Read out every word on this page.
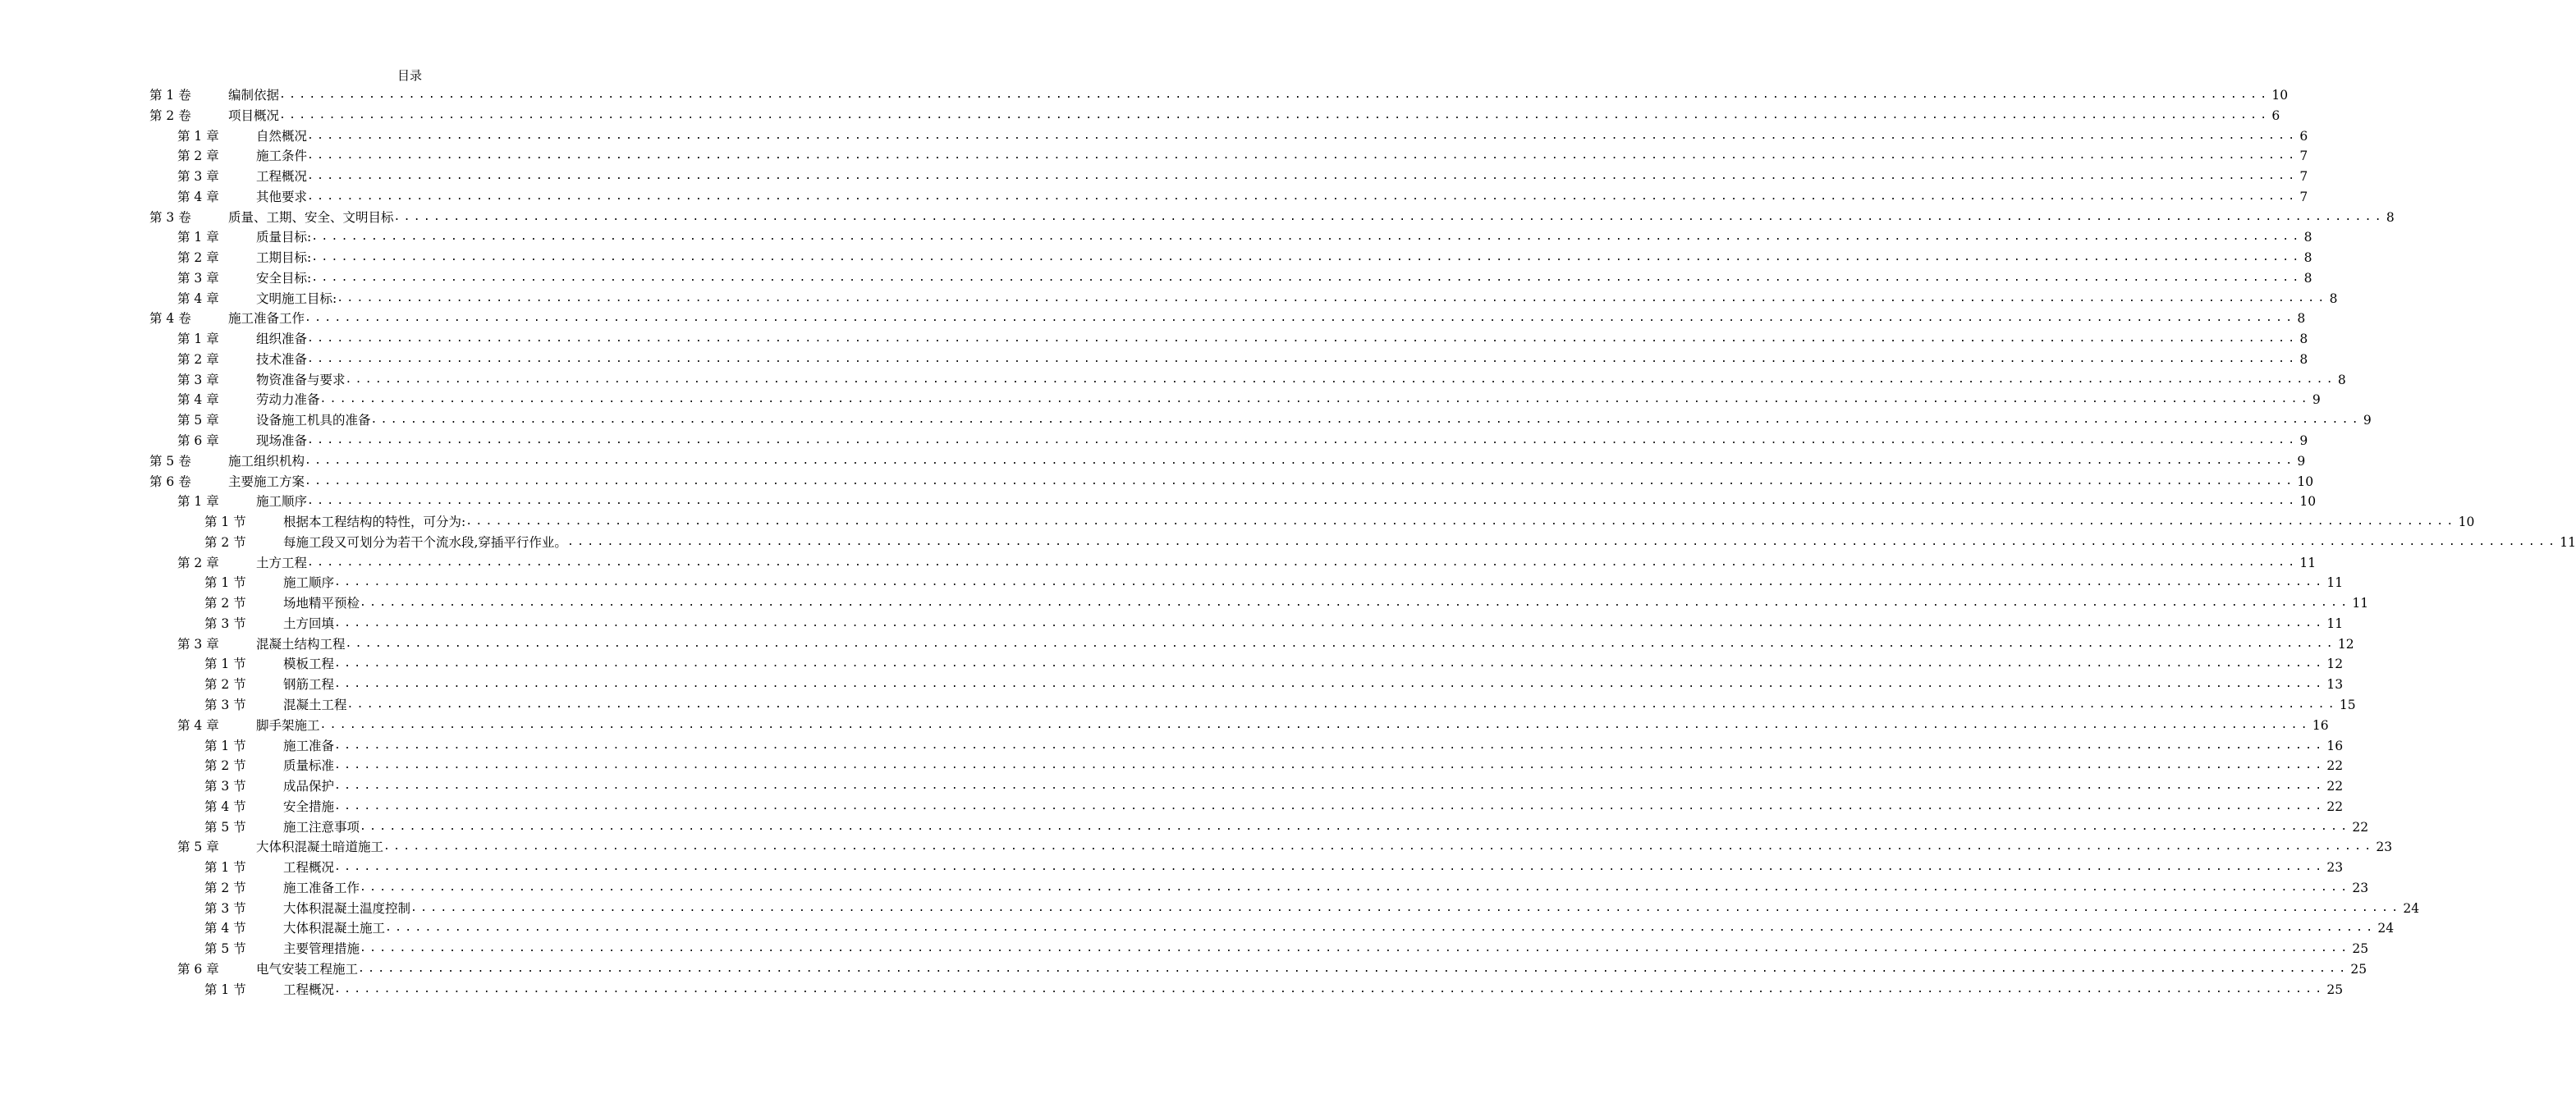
目录
第 1 卷	编制依据 ........................................................................................................................................................................................................ 10
第 2 卷	项目概况 ........................................................................................................................................................................................................ 6
第 1 章	自然概况 ........................................................................................................................................................................................................ 6
第 2 章	施工条件 ........................................................................................................................................................................................................ 7
第 3 章	工程概况 ........................................................................................................................................................................................................ 7
第 4 章	其他要求 ........................................................................................................................................................................................................ 7
第 3 卷	质量、工期、安全、文明目标 ........................................................................................................................................................................................................ 8
第 1 章	质量目标: ........................................................................................................................................................................................................ 8
第 2 章	工期目标: ........................................................................................................................................................................................................ 8
第 3 章	安全目标: ........................................................................................................................................................................................................ 8
第 4 章	文明施工目标: ........................................................................................................................................................................................................ 8
第 4 卷	施工准备工作 ........................................................................................................................................................................................................ 8
第 1 章	组织准备 ........................................................................................................................................................................................................ 8
第 2 章	技术准备 ........................................................................................................................................................................................................ 8
第 3 章	物资准备与要求 ........................................................................................................................................................................................................ 8
第 4 章	劳动力准备 ........................................................................................................................................................................................................ 9
第 5 章	设备施工机具的准备 ........................................................................................................................................................................................................ 9
第 6 章	现场准备 ........................................................................................................................................................................................................ 9
第 5 卷	施工组织机构 ........................................................................................................................................................................................................ 9
第 6 卷	主要施工方案 ........................................................................................................................................................................................................ 10
第 1 章	施工顺序 ........................................................................................................................................................................................................ 10
第 1 节	根据本工程结构的特性，可分为: ........................................................................................................................................................................................................ 10
第 2 节	每施工段又可划分为若干个流水段,穿插平行作业。 ........................................................................................................................................................................................................ 11
第 2 章	土方工程 ........................................................................................................................................................................................................ 11
第 1 节	施工顺序 ........................................................................................................................................................................................................ 11
第 2 节	场地精平预检 ........................................................................................................................................................................................................ 11
第 3 节	土方回填 ........................................................................................................................................................................................................ 11
第 3 章	混凝土结构工程 ........................................................................................................................................................................................................ 12
第 1 节	模板工程 ........................................................................................................................................................................................................ 12
第 2 节	钢筋工程 ........................................................................................................................................................................................................ 13
第 3 节	混凝土工程 ........................................................................................................................................................................................................ 15
第 4 章	脚手架施工 ........................................................................................................................................................................................................ 16
第 1 节	施工准备 ........................................................................................................................................................................................................ 16
第 2 节	质量标准 ........................................................................................................................................................................................................ 22
第 3 节	成品保护 ........................................................................................................................................................................................................ 22
第 4 节	安全措施 ........................................................................................................................................................................................................ 22
第 5 节	施工注意事项 ........................................................................................................................................................................................................ 22
第 5 章	大体积混凝土暗道施工 ........................................................................................................................................................................................................ 23
第 1 节	工程概况 ........................................................................................................................................................................................................ 23
第 2 节	施工准备工作 ........................................................................................................................................................................................................ 23
第 3 节	大体积混凝土温度控制 ........................................................................................................................................................................................................ 24
第 4 节	大体积混凝土施工 ........................................................................................................................................................................................................ 24
第 5 节	主要管理措施 ........................................................................................................................................................................................................ 25
第 6 章	电气安装工程施工 ........................................................................................................................................................................................................ 25
第 1 节	工程概况 ........................................................................................................................................................................................................ 25
